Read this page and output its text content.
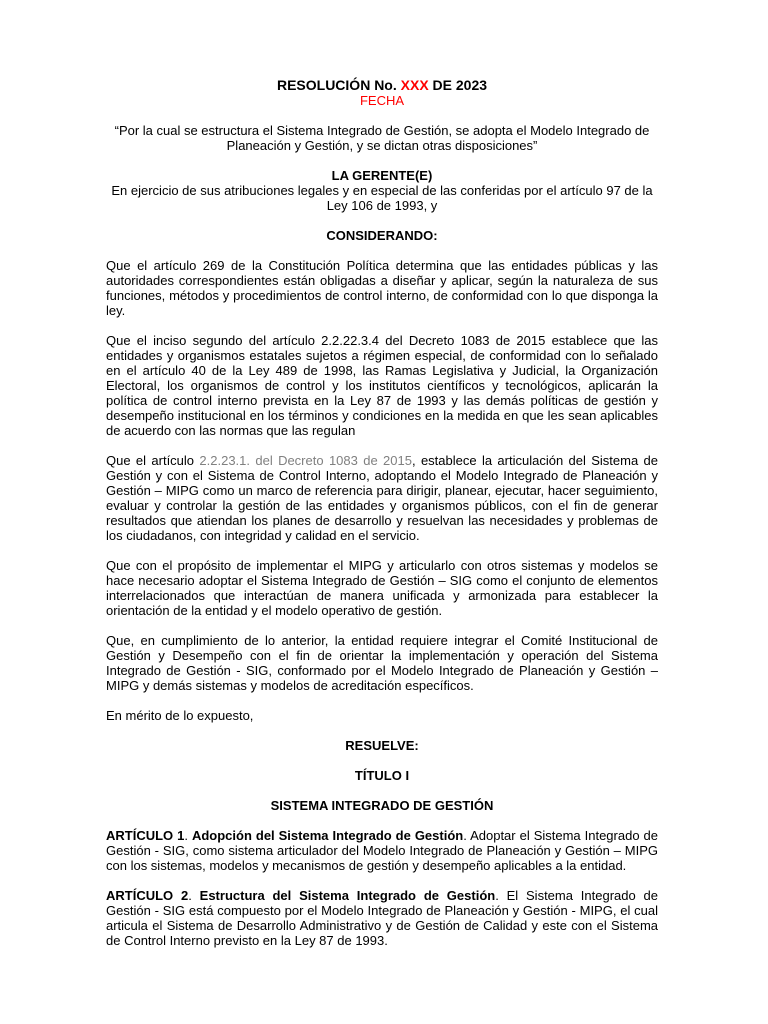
RESOLUCIÓN No. XXX DE 2023
FECHA

“Por la cual se estructura el Sistema Integrado de Gestión, se adopta el Modelo Integrado de Planeación y Gestión, y se dictan otras disposiciones”

LA GERENTE(E)

En ejercicio de sus atribuciones legales y en especial de las conferidas por el artículo 97 de la Ley 106 de 1993, y

CONSIDERANDO:

Que el artículo 269 de la Constitución Política determina que las entidades públicas y las autoridades correspondientes están obligadas a diseñar y aplicar, según la naturaleza de sus funciones, métodos y procedimientos de control interno, de conformidad con lo que disponga la ley.

Que el inciso segundo del artículo 2.2.22.3.4 del Decreto 1083 de 2015 establece que las entidades y organismos estatales sujetos a régimen especial, de conformidad con lo señalado en el artículo 40 de la Ley 489 de 1998, las Ramas Legislativa y Judicial, la Organización Electoral, los organismos de control y los institutos científicos y tecnológicos, aplicarán la política de control interno prevista en la Ley 87 de 1993 y las demás políticas de gestión y desempeño institucional en los términos y condiciones en la medida en que les sean aplicables de acuerdo con las normas que las regulan

Que el artículo 2.2.23.1. del Decreto 1083 de 2015, establece la articulación del Sistema de Gestión y con el Sistema de Control Interno, adoptando el Modelo Integrado de Planeación y Gestión – MIPG como un marco de referencia para dirigir, planear, ejecutar, hacer seguimiento, evaluar y controlar la gestión de las entidades y organismos públicos, con el fin de generar resultados que atiendan los planes de desarrollo y resuelvan las necesidades y problemas de los ciudadanos, con integridad y calidad en el servicio.

Que con el propósito de implementar el MIPG y articularlo con otros sistemas y modelos se hace necesario adoptar el Sistema Integrado de Gestión – SIG como el conjunto de elementos interrelacionados que interactúan de manera unificada y armonizada para establecer la orientación de la entidad y el modelo operativo de gestión.

Que, en cumplimiento de lo anterior, la entidad requiere integrar el Comité Institucional de Gestión y Desempeño con el fin de orientar la implementación y operación del Sistema Integrado de Gestión - SIG, conformado por el Modelo Integrado de Planeación y Gestión – MIPG y demás sistemas y modelos de acreditación específicos.

En mérito de lo expuesto,

RESUELVE:

TÍTULO I

SISTEMA INTEGRADO DE GESTIÓN

ARTÍCULO 1. Adopción del Sistema Integrado de Gestión. Adoptar el Sistema Integrado de Gestión - SIG, como sistema articulador del Modelo Integrado de Planeación y Gestión – MIPG con los sistemas, modelos y mecanismos de gestión y desempeño aplicables a la entidad.

ARTÍCULO 2. Estructura del Sistema Integrado de Gestión. El Sistema Integrado de Gestión - SIG está compuesto por el Modelo Integrado de Planeación y Gestión - MIPG, el cual articula el Sistema de Desarrollo Administrativo y de Gestión de Calidad y este con el Sistema de Control Interno previsto en la Ley 87 de 1993.
